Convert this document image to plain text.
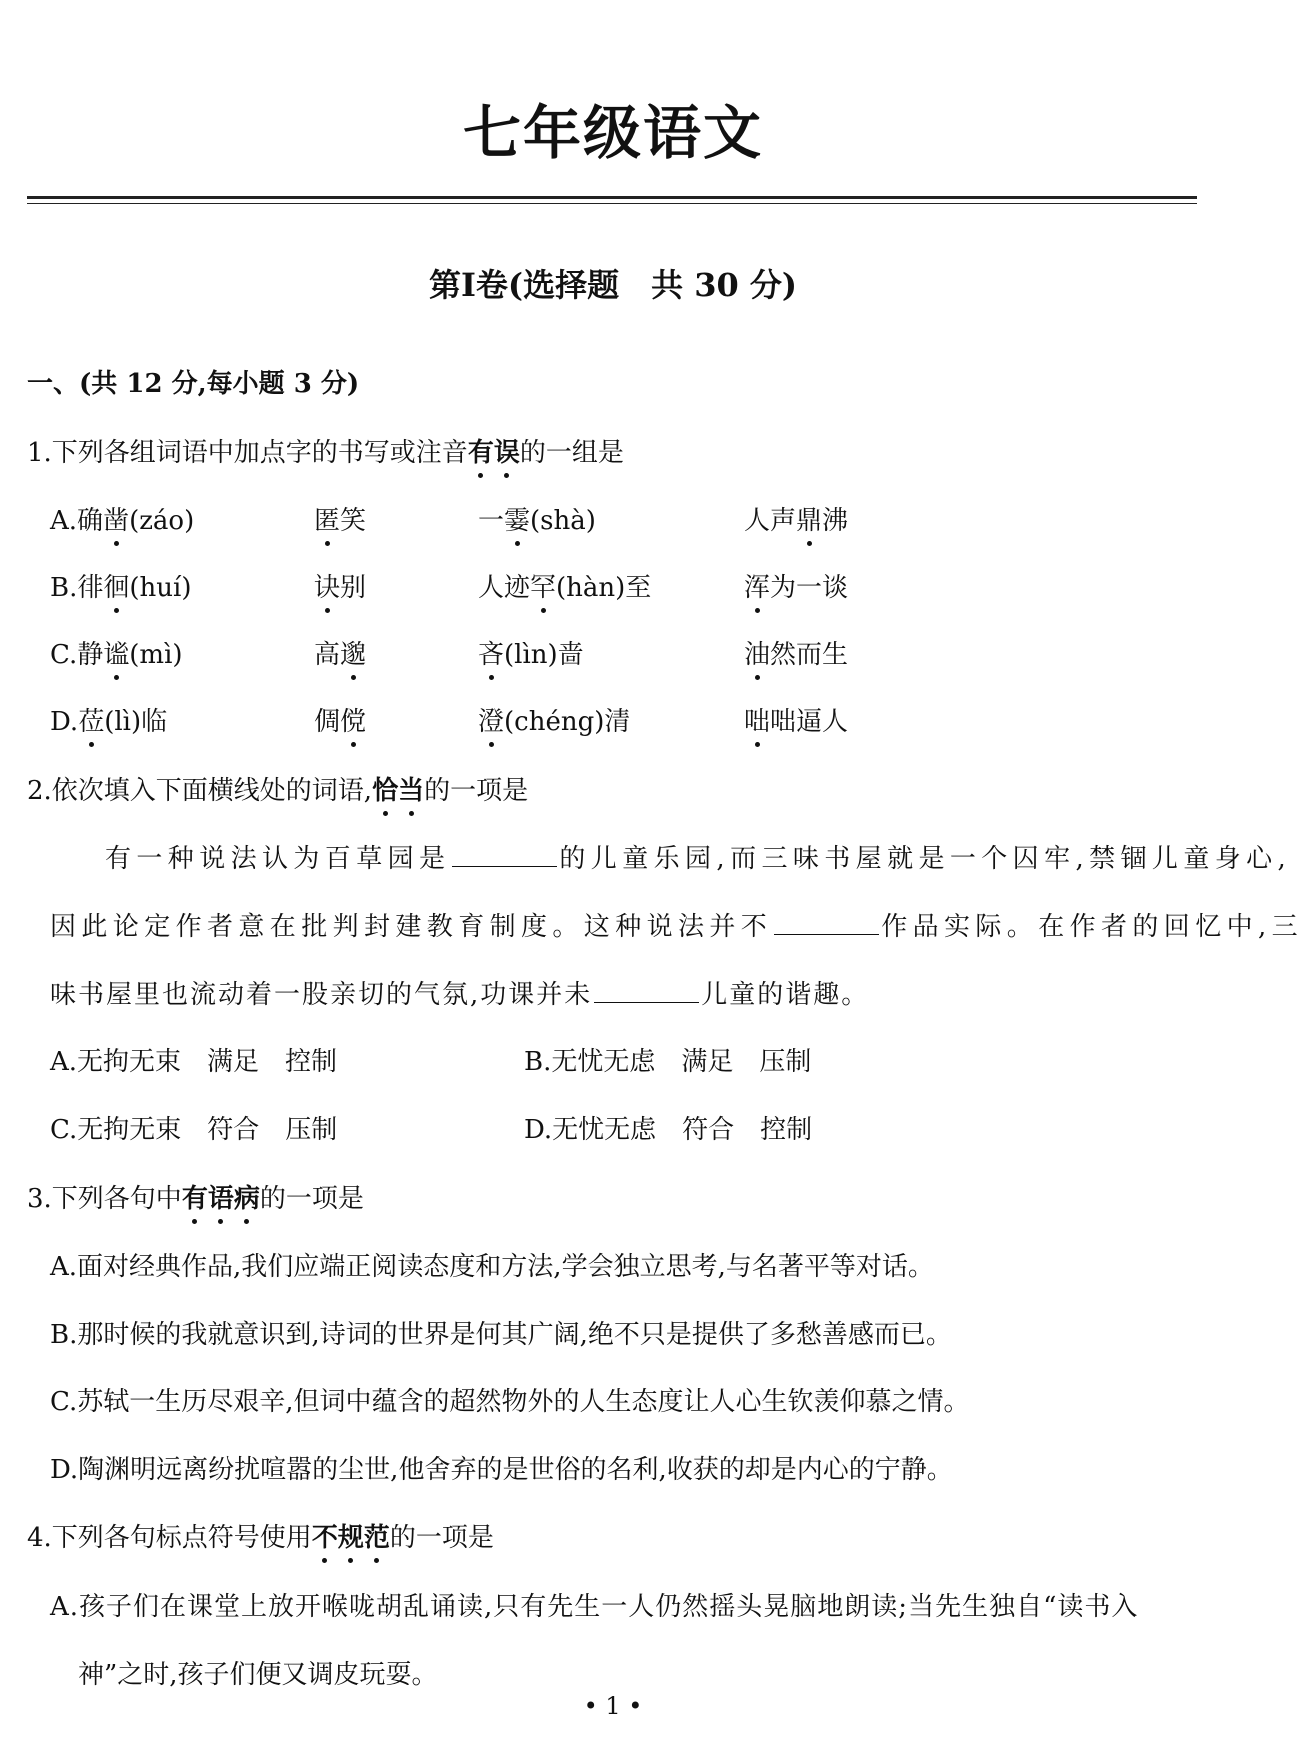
七年级语文
第Ⅰ卷(选择题　共 30 分)
一、(共 12 分,每小题 3 分)
1.下列各组词语中加点字的书写或注音有误的一组是
A.确凿(záo)	匿笑	一霎(shà)	人声鼎沸
B.徘徊(huí)	诀别	人迹罕(hàn)至	浑为一谈
C.静谧(mì)	高邈	吝(lìn)啬	油然而生
D.莅(lì)临	倜傥	澄(chéng)清	咄咄逼人
2.依次填入下面横线处的词语,恰当的一项是
有一种说法认为百草园是	的儿童乐园,而三味书屋就是一个囚牢,禁锢儿童身心,
因此论定作者意在批判封建教育制度。这种说法并不	作品实际。在作者的回忆中,三
味书屋里也流动着一股亲切的气氛,功课并未	儿童的谐趣。
A.无拘无束　满足　控制	B.无忧无虑　满足　压制
C.无拘无束　符合　压制	D.无忧无虑　符合　控制
3.下列各句中有语病的一项是
A.面对经典作品,我们应端正阅读态度和方法,学会独立思考,与名著平等对话。
B.那时候的我就意识到,诗词的世界是何其广阔,绝不只是提供了多愁善感而已。
C.苏轼一生历尽艰辛,但词中蕴含的超然物外的人生态度让人心生钦羡仰慕之情。
D.陶渊明远离纷扰喧嚣的尘世,他舍弃的是世俗的名利,收获的却是内心的宁静。
4.下列各句标点符号使用不规范的一项是
A.孩子们在课堂上放开喉咙胡乱诵读,只有先生一人仍然摇头晃脑地朗读;当先生独自“读书入
神”之时,孩子们便又调皮玩耍。
• 1 •
